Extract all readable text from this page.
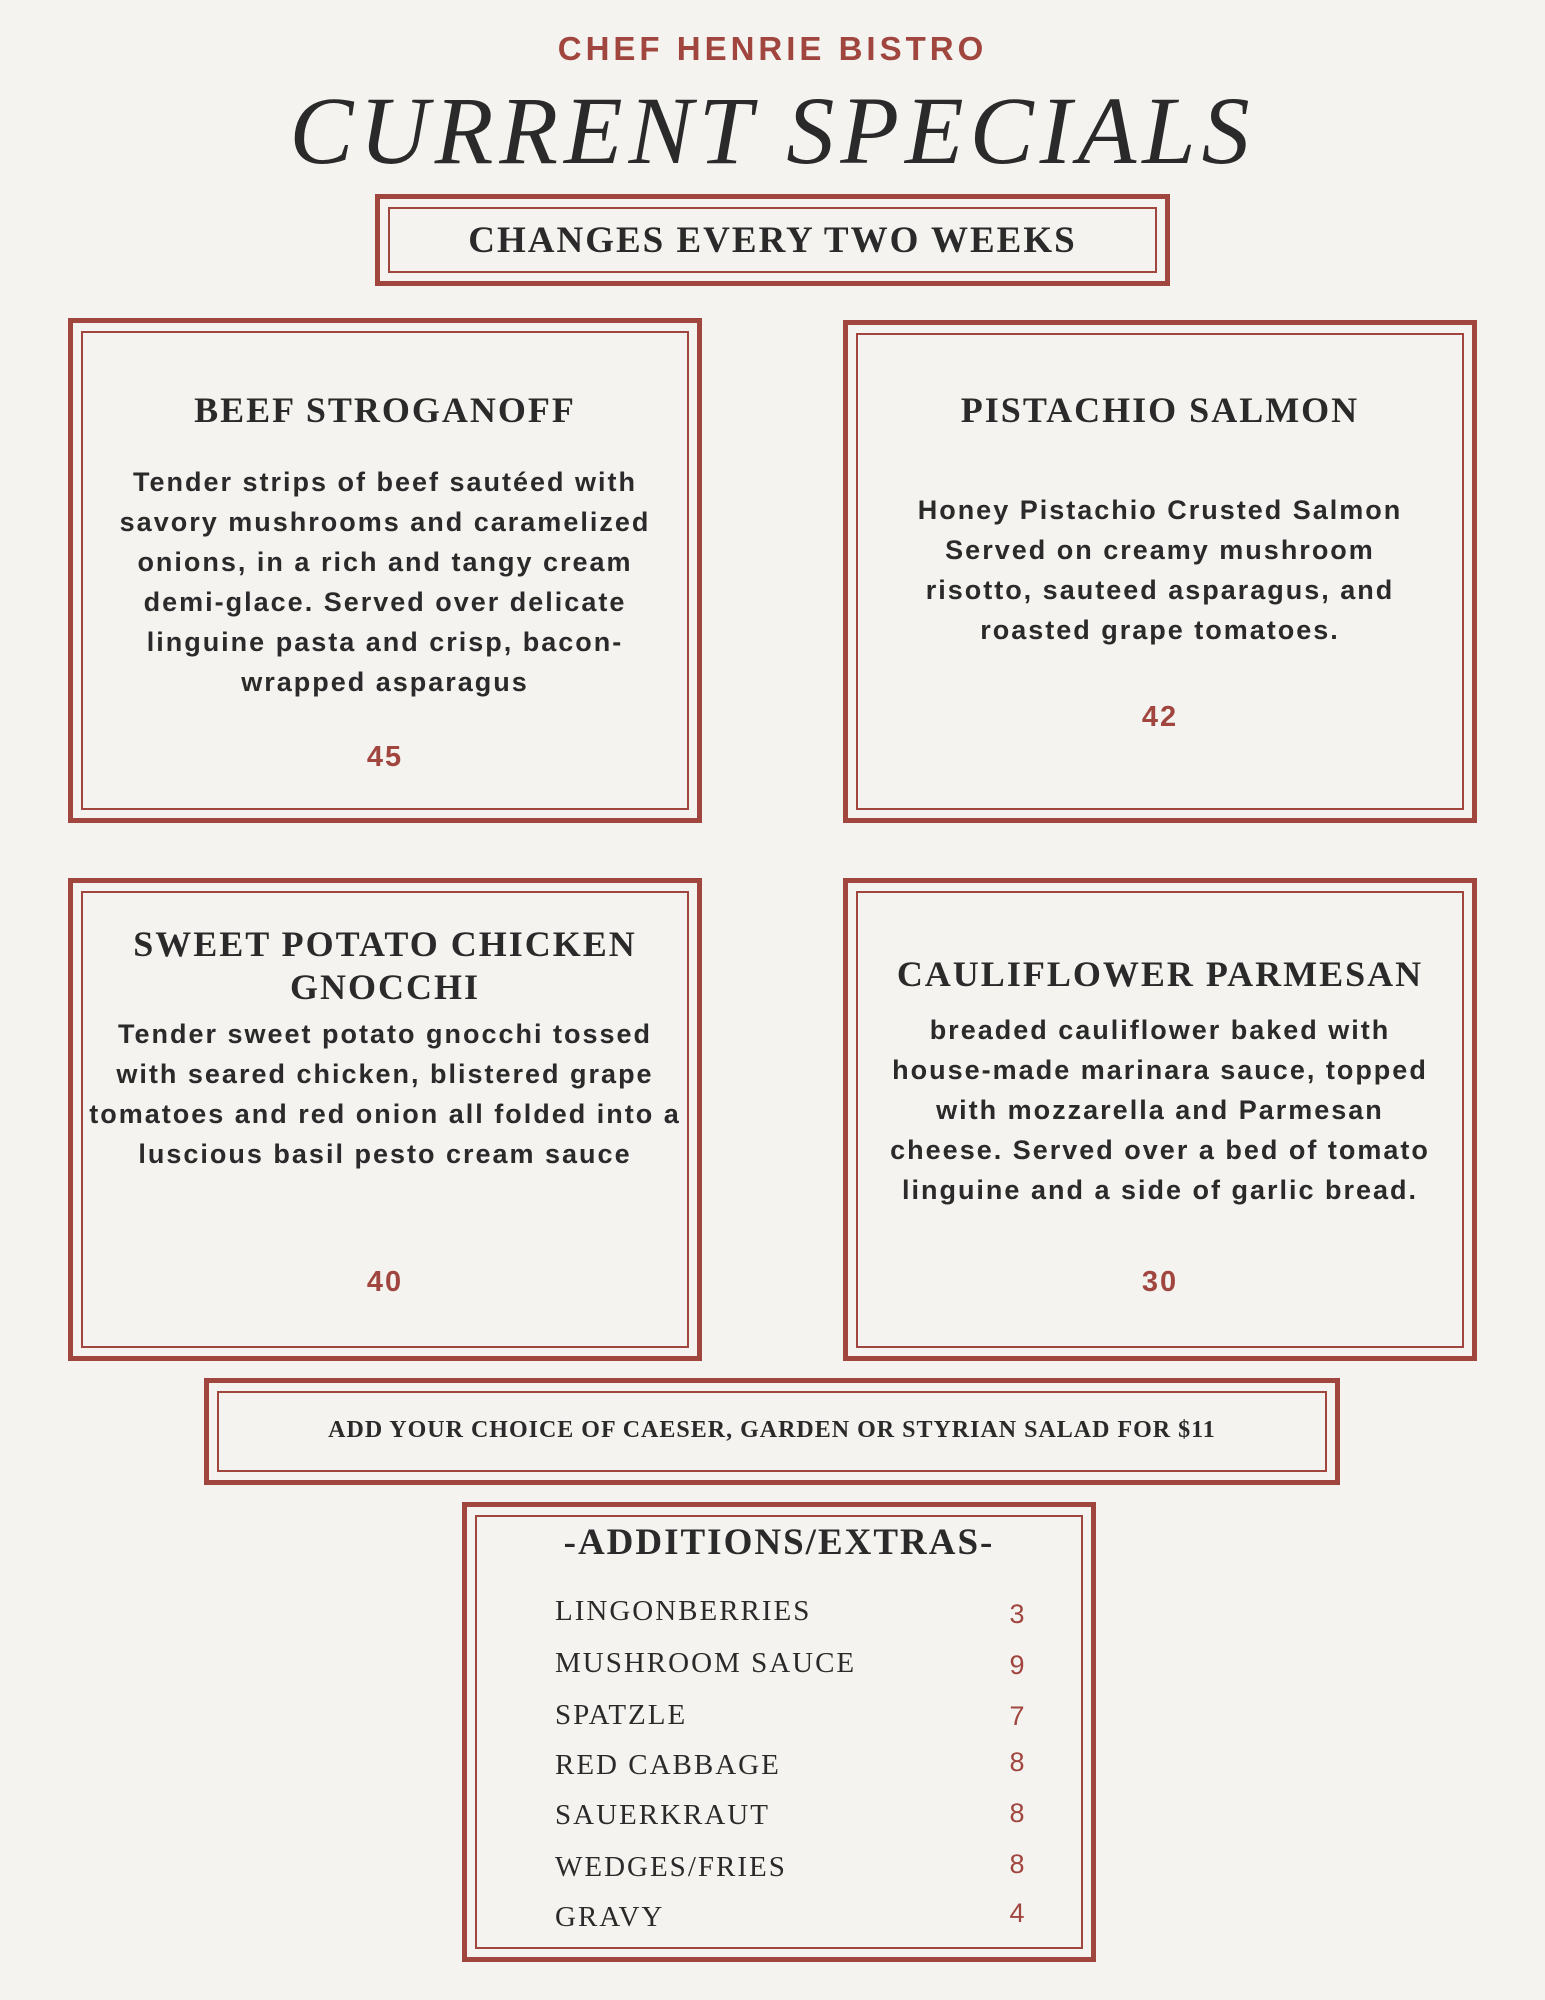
CHEF HENRIE BISTRO
CURRENT SPECIALS
CHANGES EVERY TWO WEEKS
BEEF STROGANOFF
Tender strips of beef sautéed with savory mushrooms and caramelized onions, in a rich and tangy cream demi-glace. Served over delicate linguine pasta and crisp, bacon-wrapped asparagus
45
PISTACHIO SALMON
Honey Pistachio Crusted Salmon Served on creamy mushroom risotto, sauteed asparagus, and roasted grape tomatoes.
42
SWEET POTATO CHICKEN GNOCCHI
Tender sweet potato gnocchi tossed with seared chicken, blistered grape tomatoes and red onion all folded into a luscious basil pesto cream sauce
40
CAULIFLOWER PARMESAN
breaded cauliflower baked with house-made marinara sauce, topped with mozzarella and Parmesan cheese. Served over a bed of tomato linguine and a side of garlic bread.
30
ADD YOUR CHOICE OF CAESER, GARDEN OR STYRIAN SALAD FOR $11
-ADDITIONS/EXTRAS-
LINGONBERRIES	3
MUSHROOM SAUCE	9
SPATZLE	7
RED CABBAGE	8
SAUERKRAUT	8
WEDGES/FRIES	8
GRAVY	4
